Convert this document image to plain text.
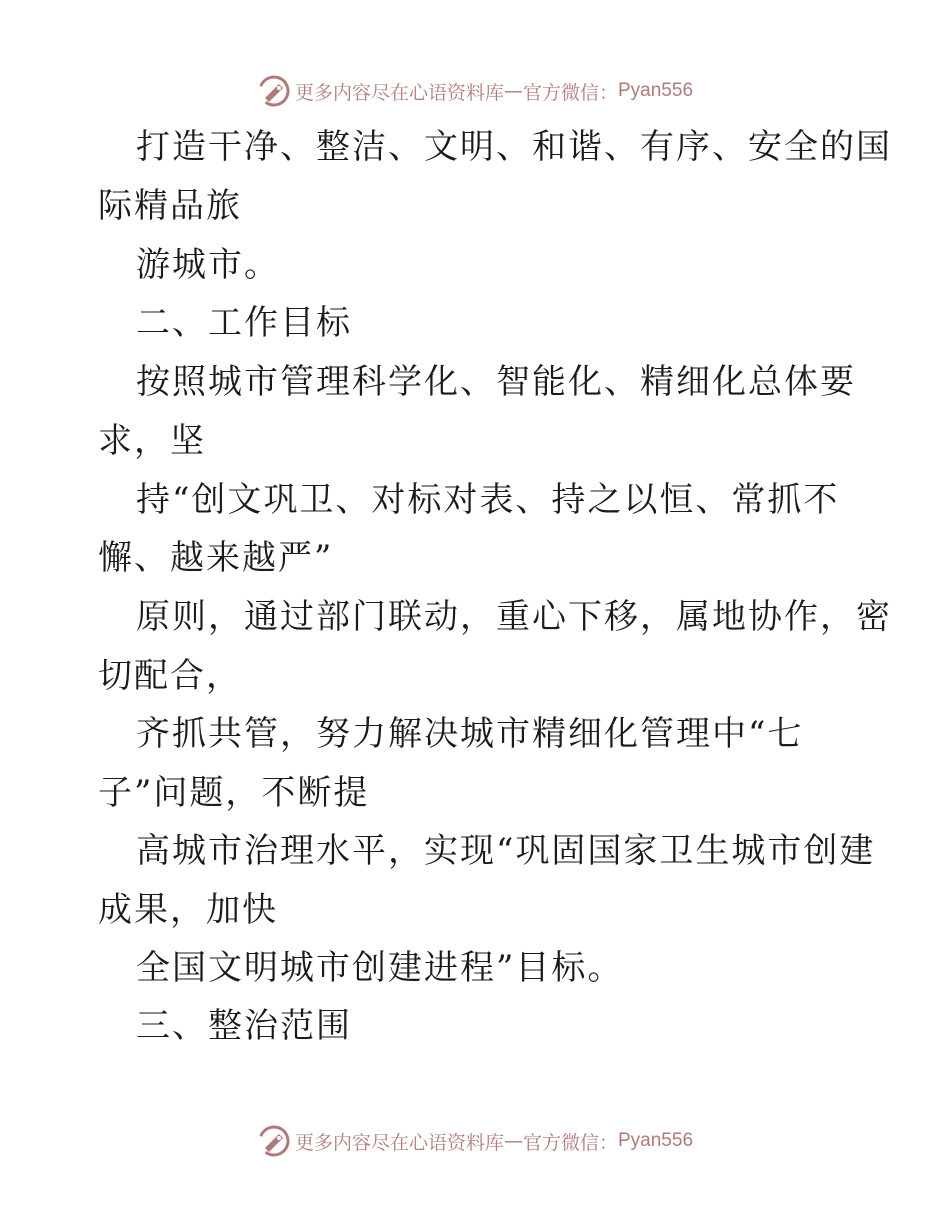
更多内容尽在心语资料库 — 官方微信： Pyan556
打造干净、整洁、文明、和谐、有序、安全的国
际精品旅
游城市。
二、工作目标
按照城市管理科学化、智能化、精细化总体要
求，坚
持“创文巩卫、对标对表、持之以恒、常抓不
懈、越来越严”
原则，通过部门联动，重心下移，属地协作，密
切配合，
齐抓共管，努力解决城市精细化管理中“七
子”问题，不断提
高城市治理水平，实现“巩固国家卫生城市创建
成果，加快
全国文明城市创建进程”目标。
三、整治范围
更多内容尽在心语资料库 — 官方微信： Pyan556
